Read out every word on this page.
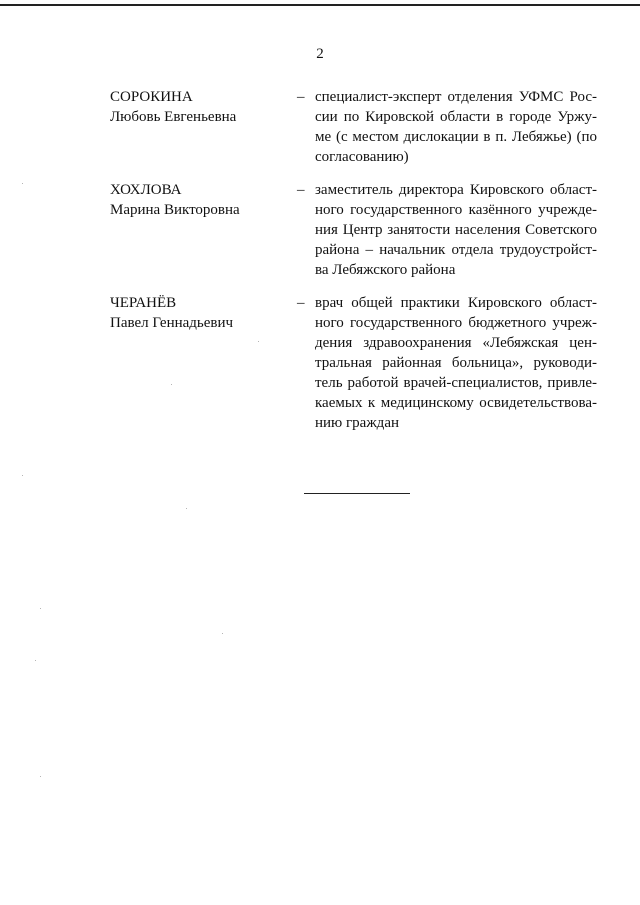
2
СОРОКИНА
Любовь Евгеньевна
– специалист-эксперт отделения УФМС Рос-
сии по Кировской области в городе Уржу-
ме (с местом дислокации в п. Лебяжье) (по
согласованию)
ХОХЛОВА
Марина Викторовна
– заместитель директора Кировского област-
ного государственного казённого учрежде-
ния Центр занятости населения Советского
района – начальник отдела трудоустройст-
ва Лебяжского района
ЧЕРАНЁВ
Павел Геннадьевич
– врач общей практики Кировского област-
ного государственного бюджетного учреж-
дения здравоохранения «Лебяжская цен-
тральная районная больница», руководи-
тель работой врачей-специалистов, привле-
каемых к медицинскому освидетельствова-
нию граждан
